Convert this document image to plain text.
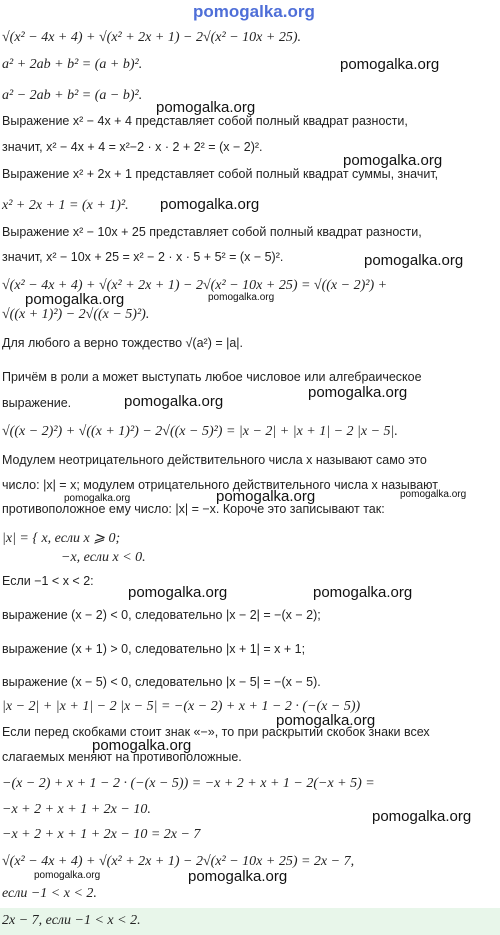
pomogalka.org
√(x² − 4x + 4) + √(x² + 2x + 1) − 2√(x² − 10x + 25).
a² + 2ab + b² = (a + b)².
a² − 2ab + b² = (a − b)².
Выражение x² − 4x + 4 представляет собой полный квадрат разности,
значит, x² − 4x + 4 = x²−2 · x · 2 + 2² = (x − 2)².
Выражение x² + 2x + 1 представляет собой полный квадрат суммы, значит,
x² + 2x + 1 = (x + 1)².
Выражение x² − 10x + 25 представляет собой полный квадрат разности,
значит, x² − 10x + 25 = x² − 2 · x · 5 + 5² = (x − 5)².
√(x² − 4x + 4) + √(x² + 2x + 1) − 2√(x² − 10x + 25) = √((x − 2)²) +
√((x + 1)²) − 2√((x − 5)²).
Для любого a верно тождество √(a²) = |a|.
Причём в роли a может выступать любое числовое или алгебраическое
выражение.
√((x − 2)²) + √((x + 1)²) − 2√((x − 5)²) = |x − 2| + |x + 1| − 2 |x − 5|.
Модулем неотрицательного действительного числа x называют само это
число: |x| = x; модулем отрицательного действительного числа x называют
противоположное ему число: |x| = −x. Короче это записывают так:
|x| = { x, если x ⩾ 0;
−x, если x < 0.
Если −1 < x < 2:
выражение (x − 2) < 0, следовательно |x − 2| = −(x − 2);
выражение (x + 1) > 0, следовательно |x + 1| = x + 1;
выражение (x − 5) < 0, следовательно |x − 5| = −(x − 5).
|x − 2| + |x + 1| − 2 |x − 5| = −(x − 2) + x + 1 − 2 · (−(x − 5))
Если перед скобками стоит знак «−», то при раскрытии скобок знаки всех
слагаемых меняют на противоположные.
−(x − 2) + x + 1 − 2 · (−(x − 5)) = −x + 2 + x + 1 − 2(−x + 5) =
−x + 2 + x + 1 + 2x − 10.
−x + 2 + x + 1 + 2x − 10 = 2x − 7
√(x² − 4x + 4) + √(x² + 2x + 1) − 2√(x² − 10x + 25) = 2x − 7,
если −1 < x < 2.
2x − 7, если −1 < x < 2.
pomogalka.org
pomogalka.org
pomogalka.org
pomogalka.org
pomogalka.org
pomogalka.org	pomogalka.org
pomogalka.org
pomogalka.org
pomogalka.org	pomogalka.org	pomogalka.org
pomogalka.org	pomogalka.org
pomogalka.org
pomogalka.org
pomogalka.org
pomogalka.org	pomogalka.org
